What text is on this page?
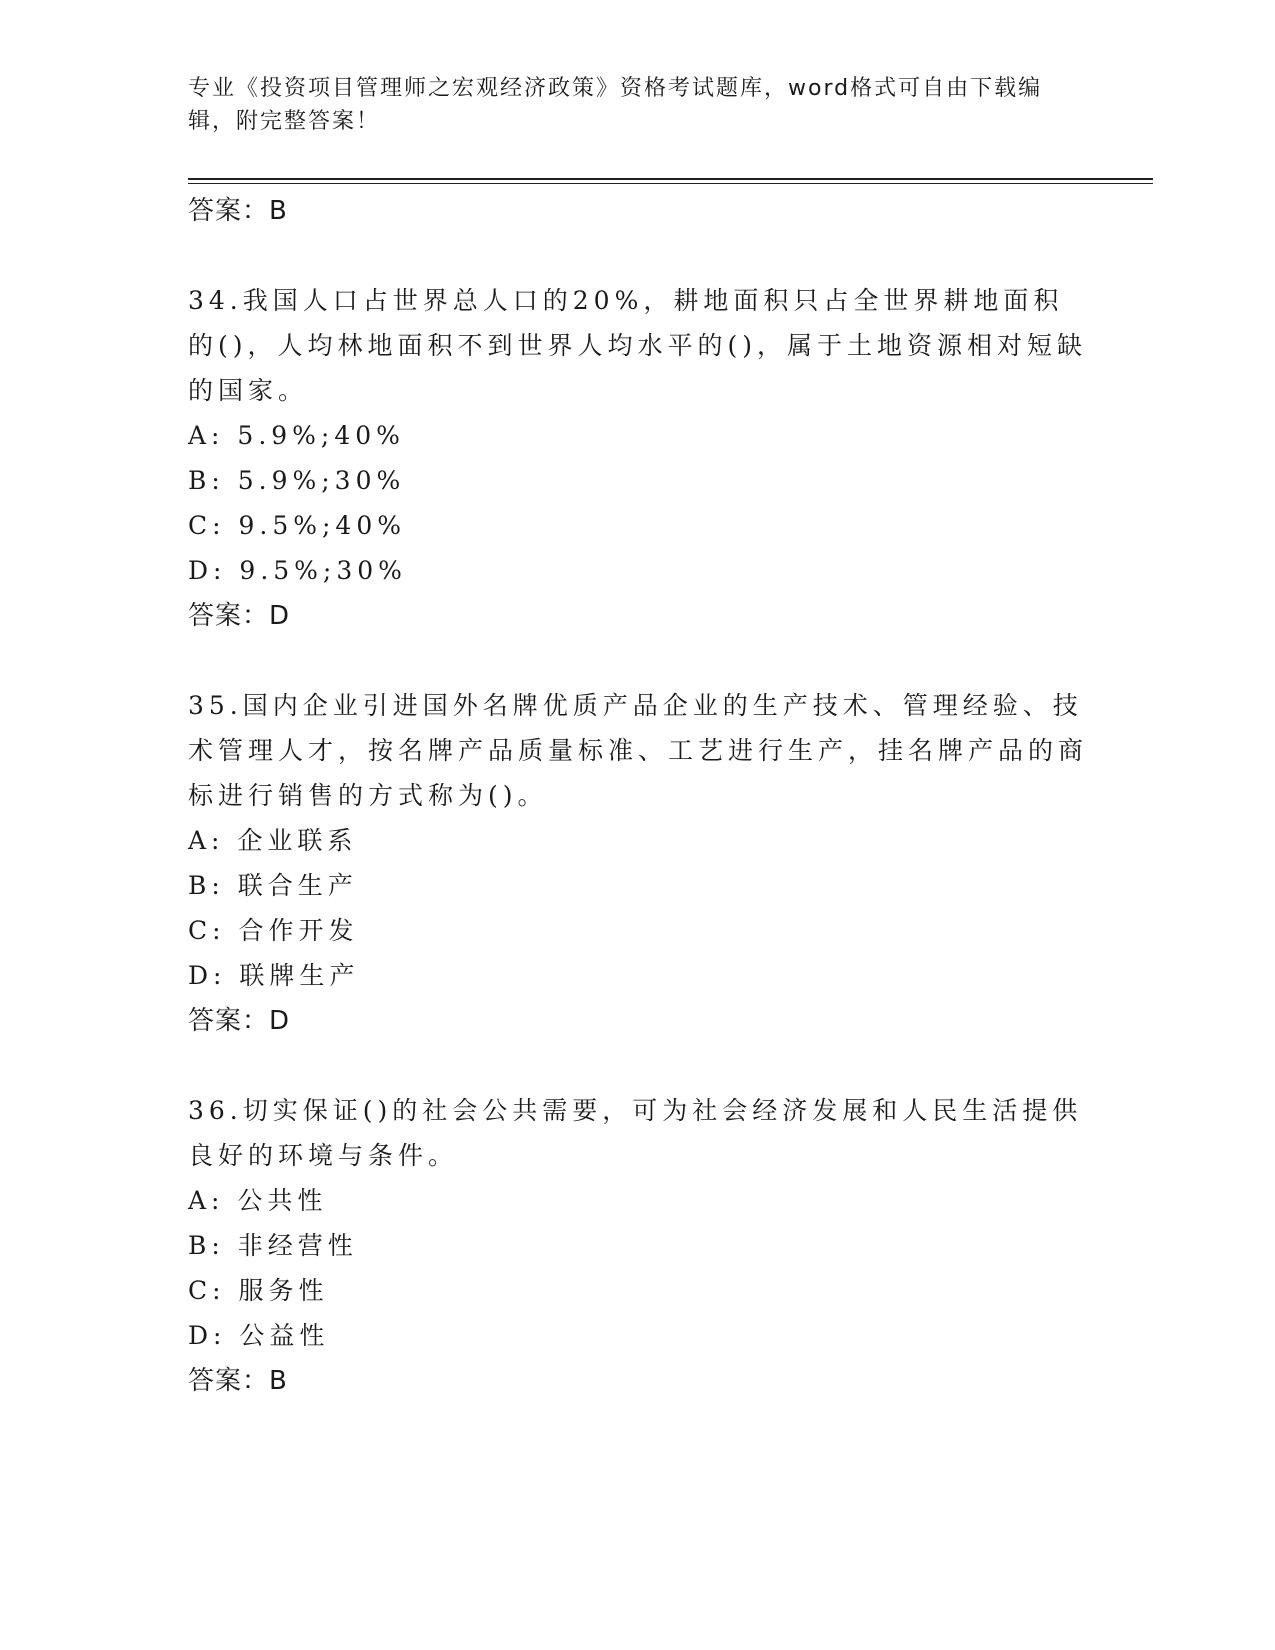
专业《投资项目管理师之宏观经济政策》资格考试题库，word格式可自由下载编辑，附完整答案！
答案：B
34.我国人口占世界总人口的20%，耕地面积只占全世界耕地面积的()，人均林地面积不到世界人均水平的()，属于土地资源相对短缺的国家。
A: 5.9%;40%
B: 5.9%;30%
C: 9.5%;40%
D: 9.5%;30%
答案：D
35.国内企业引进国外名牌优质产品企业的生产技术、管理经验、技术管理人才，按名牌产品质量标准、工艺进行生产，挂名牌产品的商标进行销售的方式称为()。
A: 企业联系
B: 联合生产
C: 合作开发
D: 联牌生产
答案：D
36.切实保证()的社会公共需要，可为社会经济发展和人民生活提供良好的环境与条件。
A: 公共性
B: 非经营性
C: 服务性
D: 公益性
答案：B
